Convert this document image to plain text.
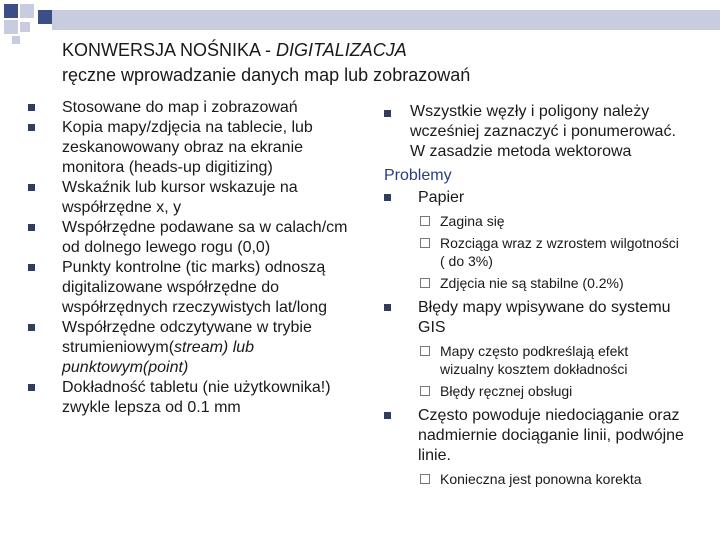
KONWERSJA NOŚNIKA - DIGITALIZACJA
ręczne wprowadzanie danych map lub zobrazowań
Stosowane do map i zobrazowań
Kopia mapy/zdjęcia na tablecie, lub zeskanowowany obraz na ekranie monitora (heads-up digitizing)
Wskaźnik lub kursor wskazuje na współrzędne x, y
Współrzędne podawane sa w calach/cm od dolnego lewego rogu (0,0)
Punkty kontrolne (tic marks) odnoszą digitalizowane współrzędne do współrzędnych rzeczywistych lat/long
Współrzędne odczytywane w trybie strumieniowym(stream) lub punktowym(point)
Dokładność tabletu (nie użytkownika!) zwykle lepsza od 0.1 mm
Wszystkie węzły i poligony należy wcześniej zaznaczyć i ponumerować. W zasadzie metoda wektorowa
Problemy
Papier
Zagina się
Rozciąga wraz z wzrostem wilgotności ( do 3%)
Zdjęcia nie są stabilne (0.2%)
Błędy mapy wpisywane do systemu GIS
Mapy często podkreślają efekt wizualny kosztem dokładności
Błędy ręcznej obsługi
Często powoduje niedociąganie oraz nadmiernie dociąganie linii, podwójne linie.
Konieczna jest ponowna korekta
